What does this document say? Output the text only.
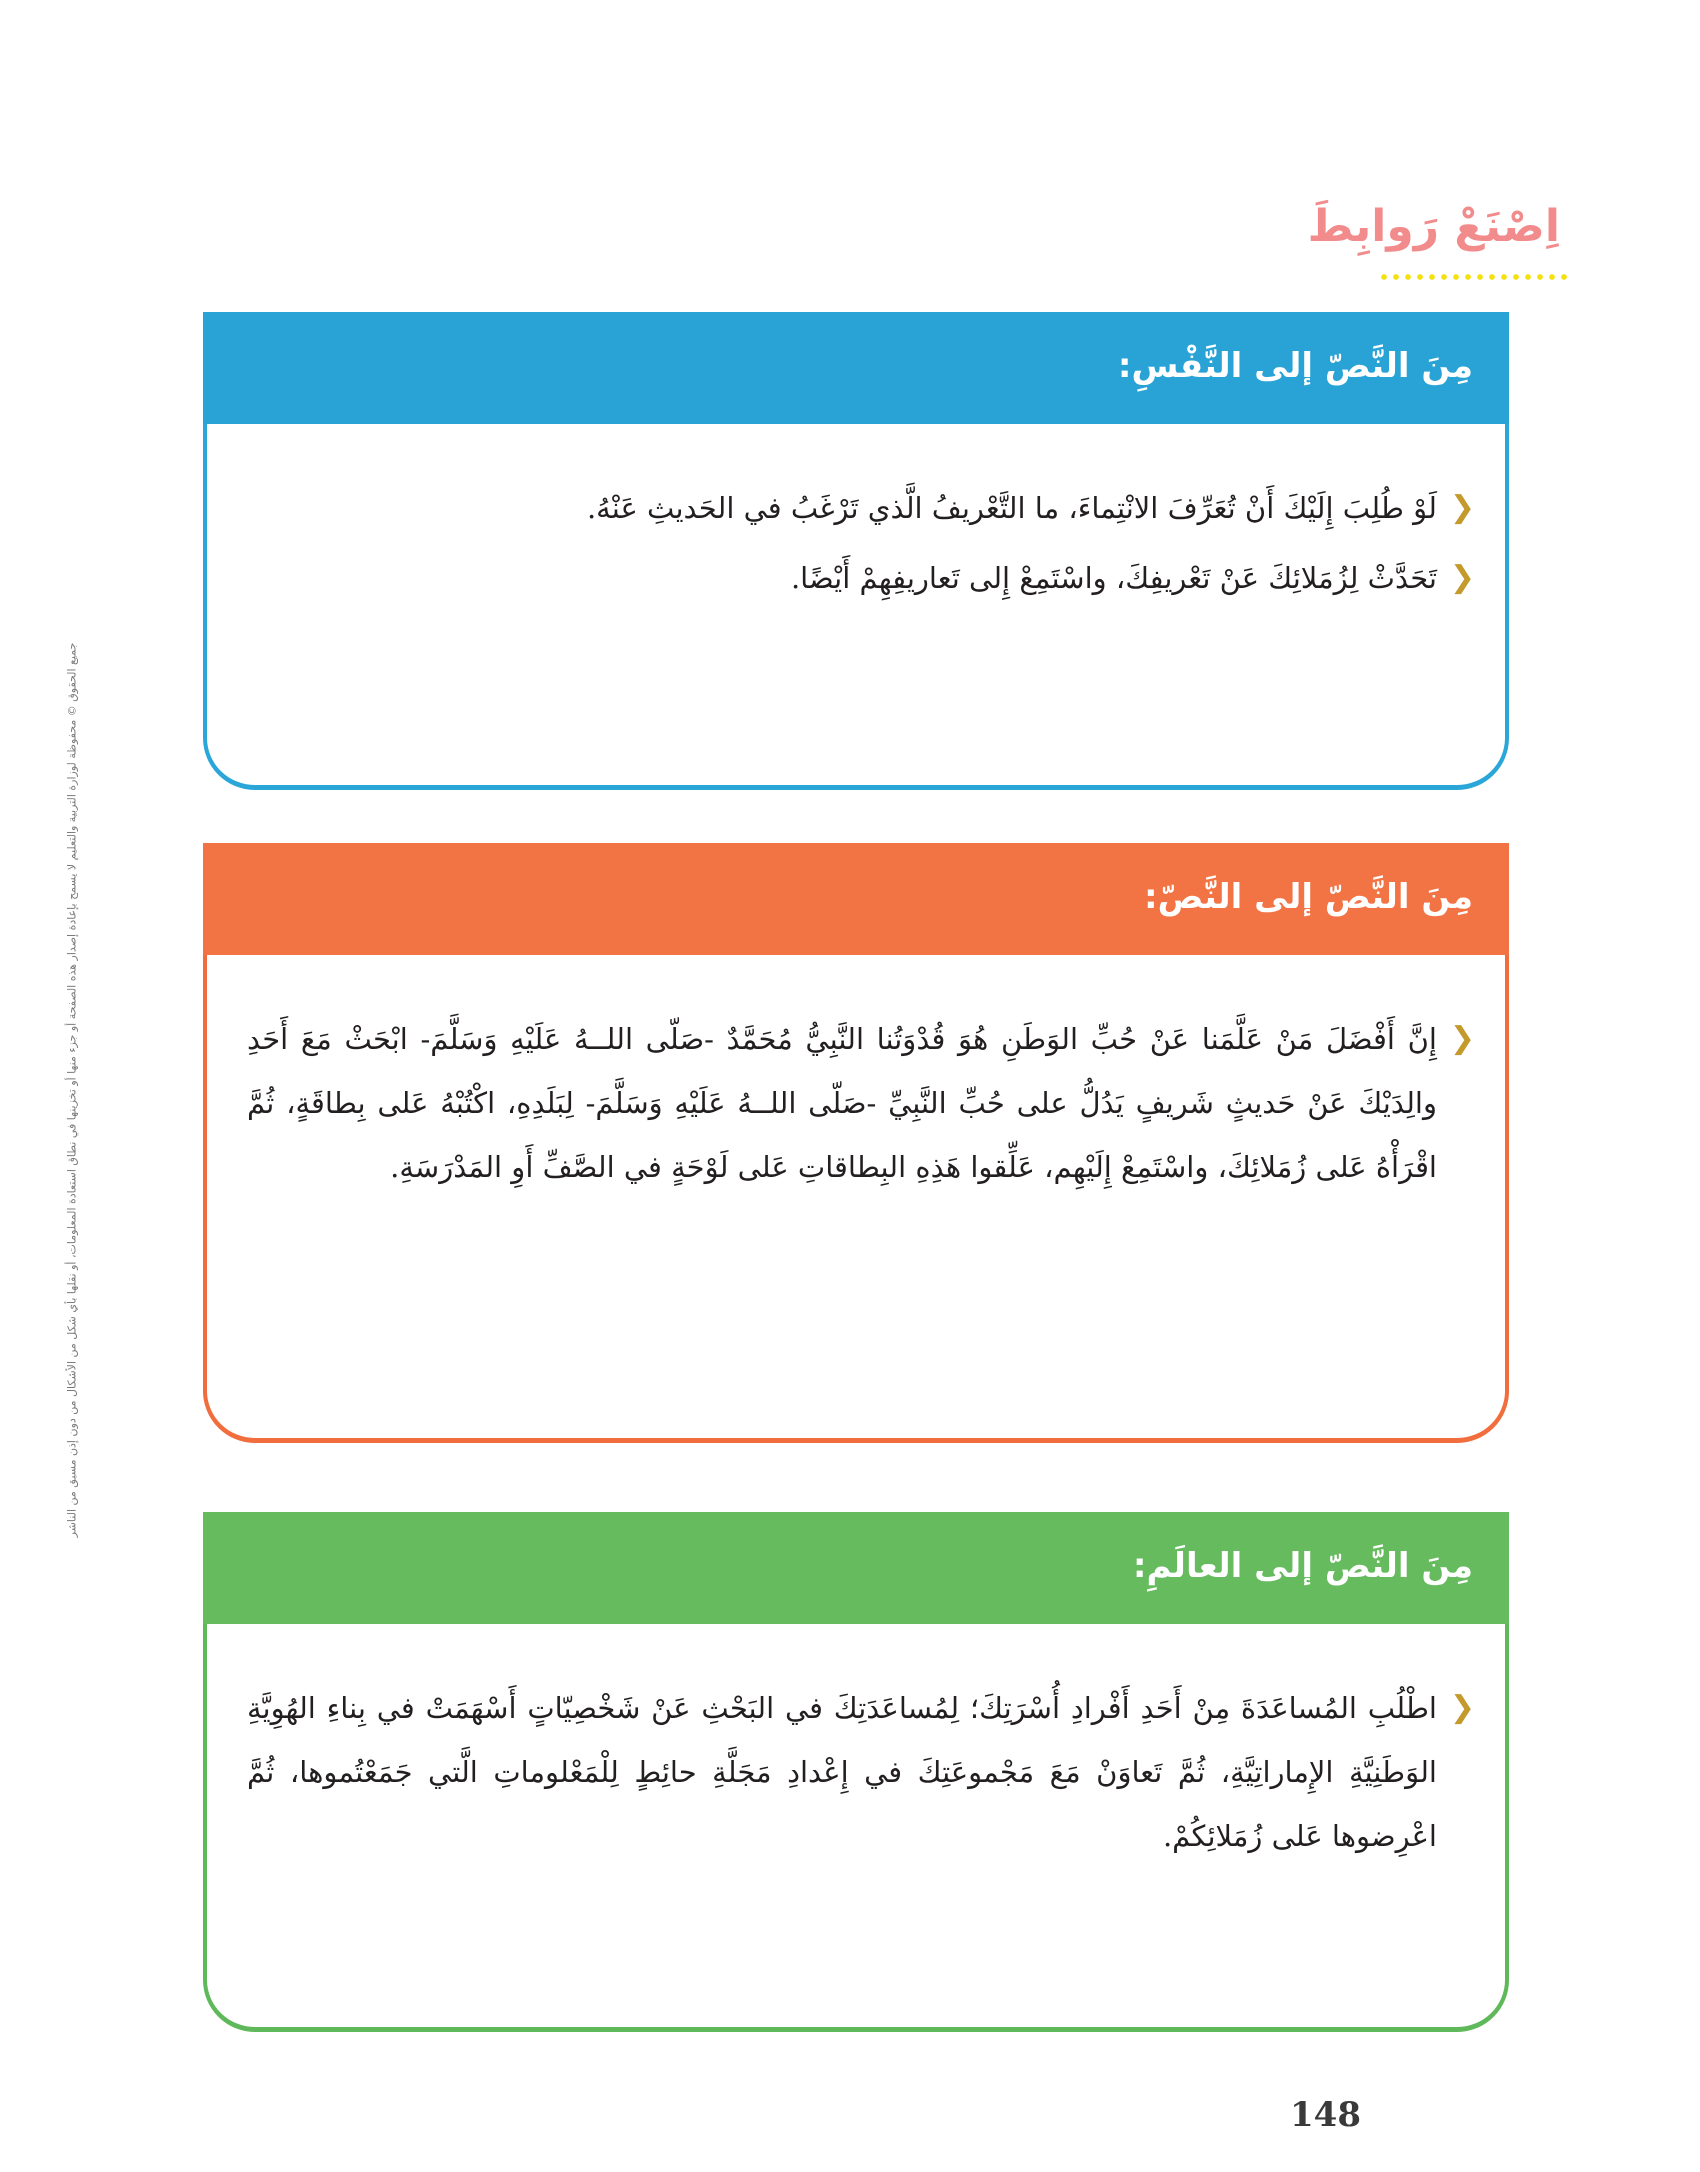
اِصْنَعْ رَوابِطَ
جميع الحقوق © محفوظة لوزارة التربية والتعليم لا يسمح بإعادة إصدار هذه الصفحة أو جزء منها أو تخزينها في نطاق استعادة المعلومات، أو نقلها بأي شكل من الأشكال من دون إذن مسبق من الناشر
مِنَ النَّصّ إلى النَّفْسِ:

❮
لَوْ طُلِبَ إِلَيْكَ أَنْ تُعَرِّفَ الانْتِماءَ، ما التَّعْريفُ الَّذي تَرْغَبُ في الحَديثِ عَنْهُ.

❮
تَحَدَّثْ لِزُمَلائِكَ عَنْ تَعْريفِكَ، واسْتَمِعْ إِلى تَعاريفِهِمْ أَيْضًا.

مِنَ النَّصّ إلى النَّصّ:

❮
إِنَّ أَفْضَلَ مَنْ عَلَّمَنا عَنْ حُبِّ الوَطَنِ هُوَ قُدْوَتُنا النَّبِيُّ مُحَمَّدٌ -صَلّى اللــهُ عَلَيْهِ وَسَلَّمَ- ابْحَثْ مَعَ أَحَدِ والِدَيْكَ عَنْ حَديثٍ شَريفٍ يَدُلُّ على حُبِّ النَّبِيِّ -صَلّى اللــهُ عَلَيْهِ وَسَلَّمَ- لِبَلَدِهِ، اكْتُبْهُ عَلى بِطاقَةٍ، ثُمَّ اقْرَأْهُ عَلى زُمَلائِكَ، واسْتَمِعْ إِلَيْهِم، عَلِّقوا هَذِهِ البِطاقاتِ عَلى لَوْحَةٍ في الصَّفِّ أَوِ المَدْرَسَةِ.

مِنَ النَّصّ إلى العالَمِ:

❮
اطْلُبِ المُساعَدَةَ مِنْ أَحَدِ أَفْرادِ أُسْرَتِكَ؛ لِمُساعَدَتِكَ في البَحْثِ عَنْ شَخْصِيّاتٍ أَسْهَمَتْ في بِناءِ الهُوِيَّةِ الوَطَنِيَّةِ الإِماراتِيَّةِ، ثُمَّ تَعاوَنْ مَعَ مَجْموعَتِكَ في إِعْدادِ مَجَلَّةِ حائِطٍ لِلْمَعْلوماتِ الَّتي جَمَعْتُموها، ثُمَّ اعْرِضوها عَلى زُمَلائِكُمْ.

148
